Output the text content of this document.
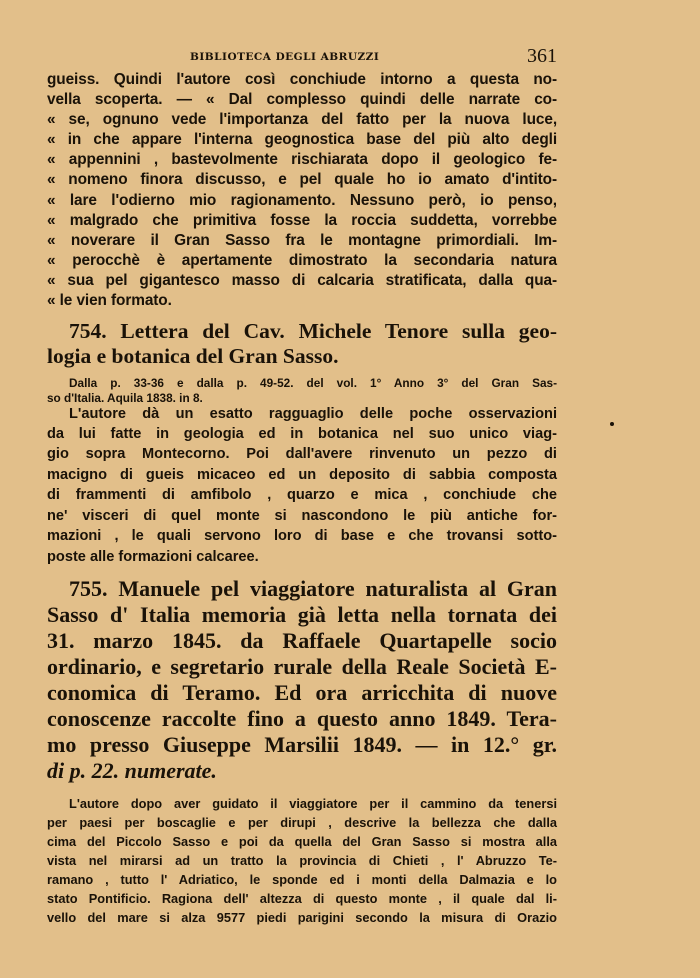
BIBLIOTECA DEGLI ABRUZZI	361
gueiss. Quindi l'autore così conchiude intorno a questa no-
vella scoperta. — « Dal complesso quindi delle narrate co-
« se, ognuno vede l'importanza del fatto per la nuova luce,
« in che appare l'interna geognostica base del più alto degli
« appennini , bastevolmente rischiarata dopo il geologico fe-
« nomeno finora discusso, e pel quale ho io amato d'intito-
« lare l'odierno mio ragionamento. Nessuno però, io penso,
« malgrado che primitiva fosse la roccia suddetta, vorrebbe
« noverare il Gran Sasso fra le montagne primordiali. Im-
« perocchè è apertamente dimostrato la secondaria natura
« sua pel gigantesco masso di calcaria stratificata, dalla qua-
« le vien formato.
754. Lettera del Cav. Michele Tenore sulla geo-
logia e botanica del Gran Sasso.
Dalla p. 33-36 e dalla p. 49-52. del vol. 1° Anno 3° del Gran Sas-
so d'Italia. Aquila 1838. in 8.
L'autore dà un esatto ragguaglio delle poche osservazioni
da lui fatte in geologia ed in botanica nel suo unico viag-
gio sopra Montecorno. Poi dall'avere rinvenuto un pezzo di
macigno di gueis micaceo ed un deposito di sabbia composta
di frammenti di amfibolo , quarzo e mica , conchiude che
ne' visceri di quel monte si nascondono le più antiche for-
mazioni , le quali servono loro di base e che trovansi sotto-
poste alle formazioni calcaree.
755. Manuele pel viaggiatore naturalista al Gran
Sasso d' Italia memoria già letta nella tornata dei
31. marzo 1845. da Raffaele Quartapelle socio
ordinario, e segretario rurale della Reale Società E-
conomica di Teramo. Ed ora arricchita di nuove
conoscenze raccolte fino a questo anno 1849. Tera-
mo presso Giuseppe Marsilii 1849. — in 12.° gr.
di p. 22. numerate.
L'autore dopo aver guidato il viaggiatore per il cammino da tenersi
per paesi per boscaglie e per dirupi , descrive la bellezza che dalla
cima del Piccolo Sasso e poi da quella del Gran Sasso si mostra alla
vista nel mirarsi ad un tratto la provincia di Chieti , l' Abruzzo Te-
ramano , tutto l' Adriatico, le sponde ed i monti della Dalmazia e lo
stato Pontificio. Ragiona dell' altezza di questo monte , il quale dal li-
vello del mare si alza 9577 piedi parigini secondo la misura di Orazio
